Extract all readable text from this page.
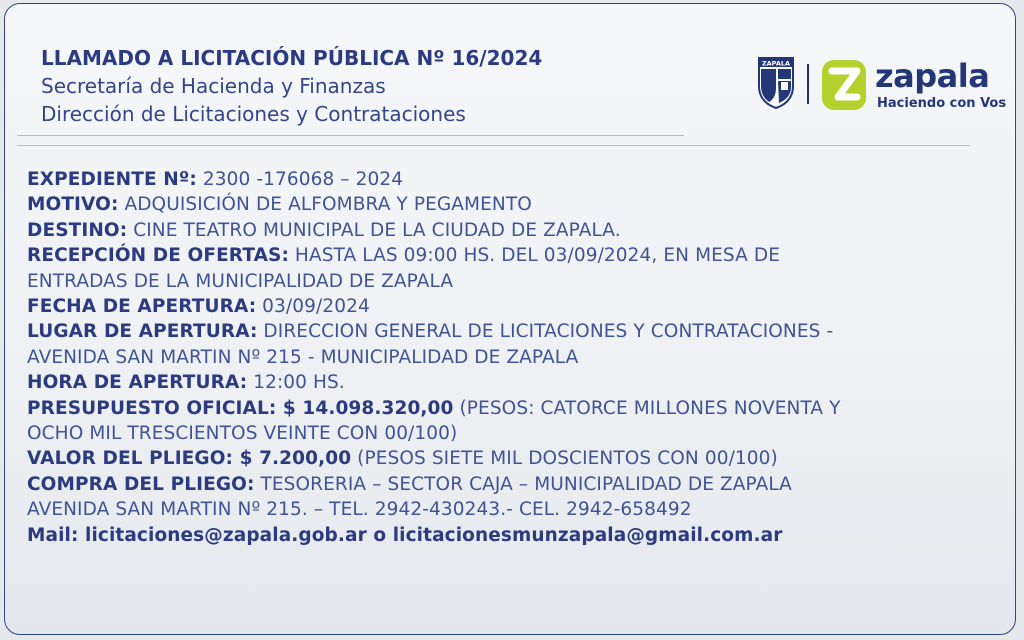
LLAMADO A LICITACIÓN PÚBLICA Nº 16/2024
Secretaría de Hacienda y Finanzas
Dirección de Licitaciones y Contrataciones
ZAPALA	zapala
Haciendo con Vos
EXPEDIENTE Nº: 2300 -176068 – 2024
MOTIVO: ADQUISICIÓN DE ALFOMBRA Y PEGAMENTO
DESTINO: CINE TEATRO MUNICIPAL DE LA CIUDAD DE ZAPALA.
RECEPCIÓN DE OFERTAS: HASTA LAS 09:00 HS. DEL 03/09/2024, EN MESA DE
ENTRADAS DE LA MUNICIPALIDAD DE ZAPALA
FECHA DE APERTURA: 03/09/2024
LUGAR DE APERTURA: DIRECCION GENERAL DE LICITACIONES Y CONTRATACIONES -
AVENIDA SAN MARTIN Nº 215 - MUNICIPALIDAD DE ZAPALA
HORA DE APERTURA: 12:00 HS.
PRESUPUESTO OFICIAL: $ 14.098.320,00 (PESOS: CATORCE MILLONES NOVENTA Y
OCHO MIL TRESCIENTOS VEINTE CON 00/100)
VALOR DEL PLIEGO: $ 7.200,00 (PESOS SIETE MIL DOSCIENTOS CON 00/100)
COMPRA DEL PLIEGO: TESORERIA – SECTOR CAJA – MUNICIPALIDAD DE ZAPALA
AVENIDA SAN MARTIN Nº 215. – TEL. 2942-430243.- CEL. 2942-658492
Mail: licitaciones@zapala.gob.ar o licitacionesmunzapala@gmail.com.ar
